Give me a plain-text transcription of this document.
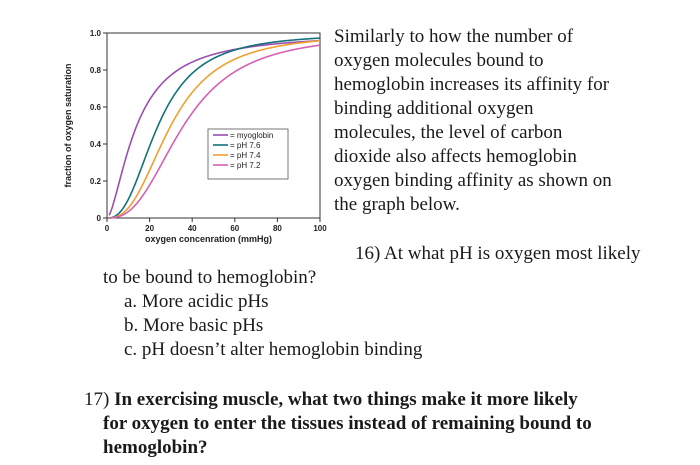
0
0.2
0.4
0.6
0.8
1.0
0	20	40	60	80	100
oxygen concenration (mmHg)
fraction of oxygen saturation	= myoglobin
= pH 7.6
= pH 7.4
= pH 7.2

Similarly to how the number of
oxygen molecules bound to
hemoglobin increases its affinity for
binding additional oxygen
molecules, the level of carbon
dioxide also affects hemoglobin
oxygen binding affinity as shown on
the graph below.

16) At what pH is oxygen most likely

to be bound to hemoglobin?

a. More acidic pHs
b. More basic pHs
c. pH doesn’t alter hemoglobin binding

17) In exercising muscle, what two things make it more likely
for oxygen to enter the tissues instead of remaining bound to
hemoglobin?
